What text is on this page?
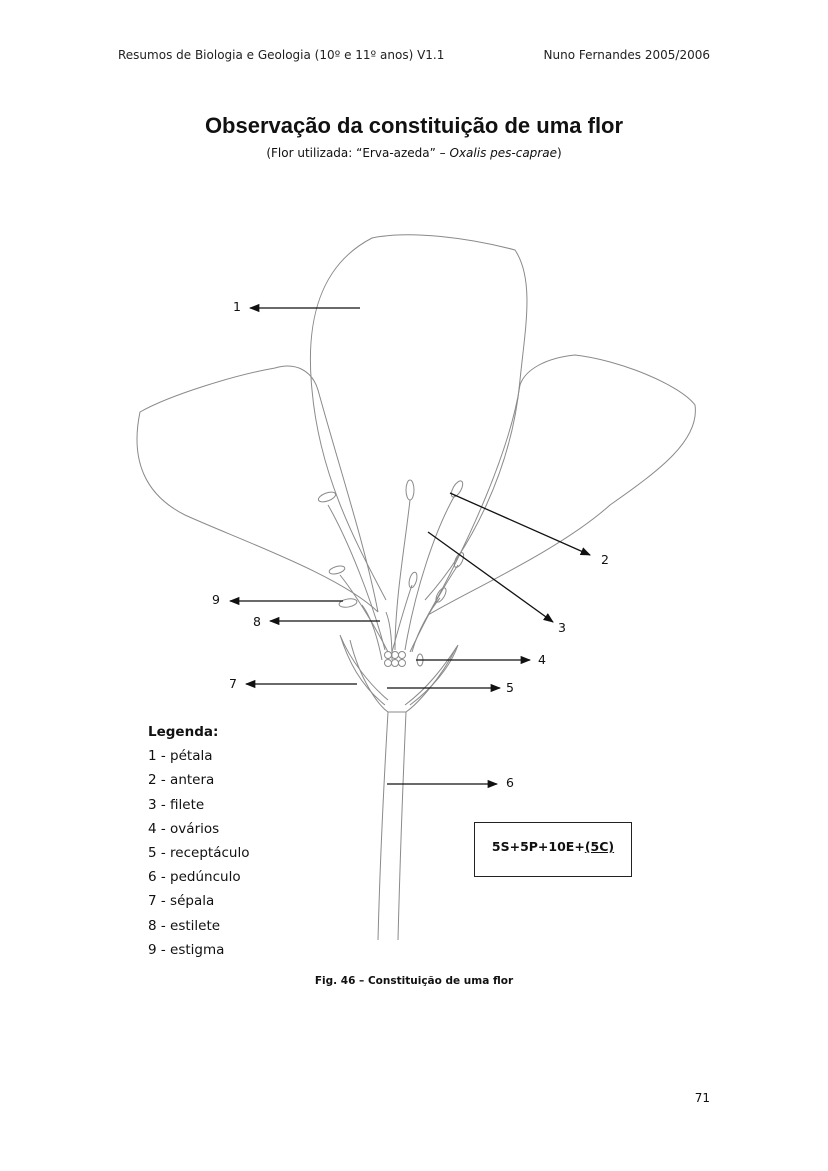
Resumos de Biologia e Geologia (10º e 11º anos) V1.1	Nuno Fernandes 2005/2006
Observação da constituição de uma flor
(Flor utilizada: “Erva-azeda” – Oxalis pes-caprae)
1
2
3
4
5
6
7
8
9
Legenda:
1 - pétala
2 - antera
3 - filete
4 - ovários
5 - receptáculo
6 - pedúnculo
7 - sépala
8 - estilete
9 - estigma
5S+5P+10E+ (5C)
Fig. 46 – Constituição de uma flor
71
